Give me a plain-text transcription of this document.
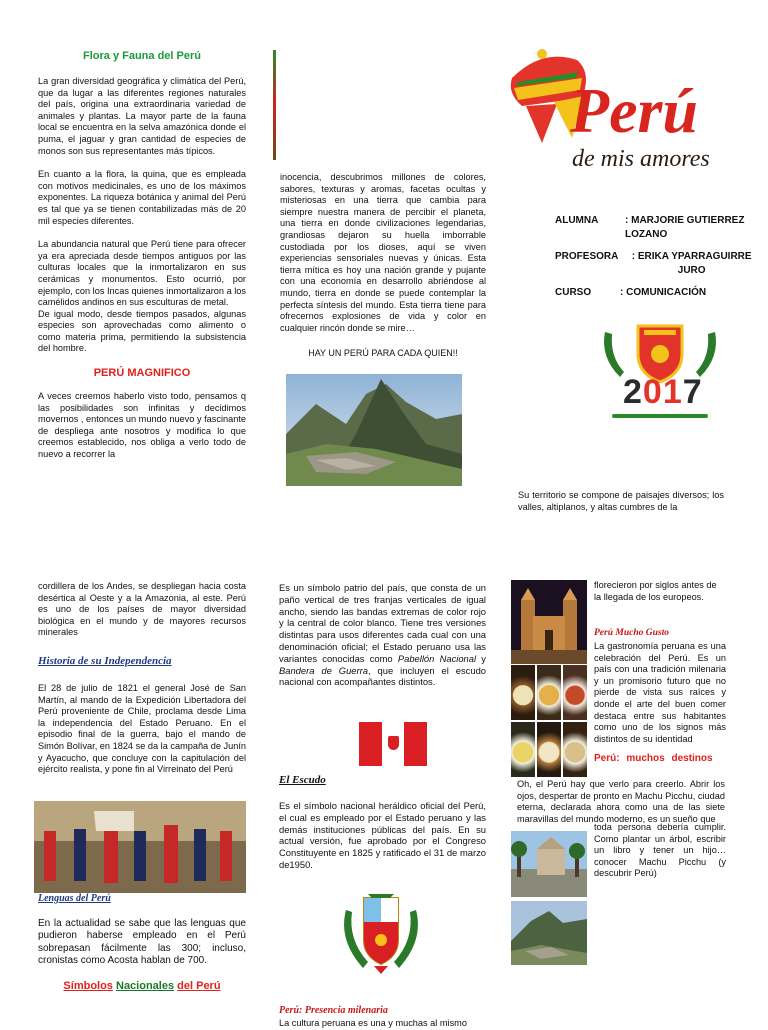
Flora y Fauna del Perú

La gran diversidad geográfica y climática del Perú, que da lugar a las diferentes regiones naturales del país, origina una extraordinaria variedad de animales y plantas. La mayor parte de la fauna local se encuentra en la selva amazónica donde el puma, el jaguar y gran cantidad de especies de monos son sus representantes más típicos.

En cuanto a la flora, la quina, que es empleada con motivos medicinales, es uno de los máximos exponentes. La riqueza botánica y animal del Perú es tal que ya se tienen contabilizadas más de 20 mil especies diferentes.

La abundancia natural que Perú tiene para ofrecer ya era apreciada desde tiempos antiguos por las culturas locales que la inmortalizaron en sus cerámicas y monumentos. Esto ocurrió, por ejemplo, con los Incas quienes inmortalizaron a los camélidos andinos en sus esculturas de metal.

De igual modo, desde tiempos pasados, algunas especies son aprovechadas como alimento o como materia prima, permitiendo la subsistencia del hombre.

PERÚ MAGNIFICO

A veces creemos haberlo visto todo, pensamos q las posibilidades son infinitas y decidimos movernos , entonces un mundo nuevo y fascinante de despliega ante nosotros y modifica lo que creemos establecido, nos obliga a verlo todo de nuevo a recorrer la

inocencia, descubrimos millones de colores, sabores, texturas y aromas, facetas ocultas y misteriosas en una tierra que cambia para siempre nuestra manera de percibir el planeta, una tierra en donde civilizaciones legendarias, grandiosas dejaron su huella imborrable custodiada por los dioses, aquí se viven experiencias sensoriales nuevas y únicas. Esta tierra mítica es hoy una nación grande y pujante con una economía en desarrollo abriéndose al mundo, tierra en donde se puede contemplar la perfecta síntesis del mundo. Esta tierra tiene para ofrecernos explosiones de vida y color en cualquier rincón donde se mire…

HAY UN PERÚ PARA CADA QUIEN!!
Perú
de mis amores
ALUMNA	: MARJORIE GUTIERREZ LOZANO
PROFESORA	: ERIKA YPARRAGUIRRE JURO
CURSO	: COMUNICACIÓN
2017

Su territorio se compone de paisajes diversos; los valles, altiplanos, y altas cumbres de la

cordillera de los Andes, se despliegan hacia costa desértica al Oeste y a la Amazonia, al este. Perú es uno de los países de mayor diversidad biológica en el mundo y de mayores recursos minerales

Historia de su Independencia

El 28 de julio de 1821 el general José de San Martín, al mando de la Expedición Libertadora del Perú proveniente de Chile, proclama desde Lima la independencia del Estado Peruano. En el episodio final de la guerra, bajo el mando de Simón Bolívar, en 1824 se da la campaña de Junín y Ayacucho, que concluye con la capitulación del ejército realista, y pone fin al Virreinato del Perú

Lenguas del Perú

En la actualidad se sabe que las lenguas que pudieron haberse empleado en el Perú sobrepasan fácilmente las 300; incluso, cronistas como Acosta hablan de 700.

Símbolos Nacionales del Perú

Es un símbolo patrio del país, que consta de un paño vertical de tres franjas verticales de igual ancho, siendo las bandas extremas de color rojo y la central de color blanco. Tiene tres versiones distintas para usos diferentes cada cual con una denominación oficial; el Estado peruano usa las variantes conocidas como Pabellón Nacional y Bandera de Guerra, que incluyen el escudo nacional con acompañantes distintos.

El Escudo

Es el símbolo nacional heráldico oficial del Perú, el cual es empleado por el Estado peruano y las demás instituciones públicas del país. En su actual versión, fue aprobado por el Congreso Constituyente en 1825 y ratificado el 31 de marzo de1950.

Perú: Presencia milenaria

La cultura peruana es una y muchas al mismo

florecieron por siglos antes de la llegada de los europeos.

Perú Mucho Gusto

La gastronomía peruana es una celebración del Perú. Es un país con una tradición milenaria y un promisorio futuro que no pierde de vista sus raíces y donde el arte del buen comer destaca entre sus habitantes como uno de los signos más distintos de su identidad

Perú: muchos destinos

Oh, el Perú hay que verlo para creerlo. Abrir los ojos, despertar de pronto en Machu Picchu, ciudad eterna, declarada ahora como una de las siete maravillas del mundo moderno, es un sueño que

toda persona debería cumplir. Como plantar un árbol, escribir un libro y tener un hijo… conocer Machu Picchu (y descubrir Perú)
